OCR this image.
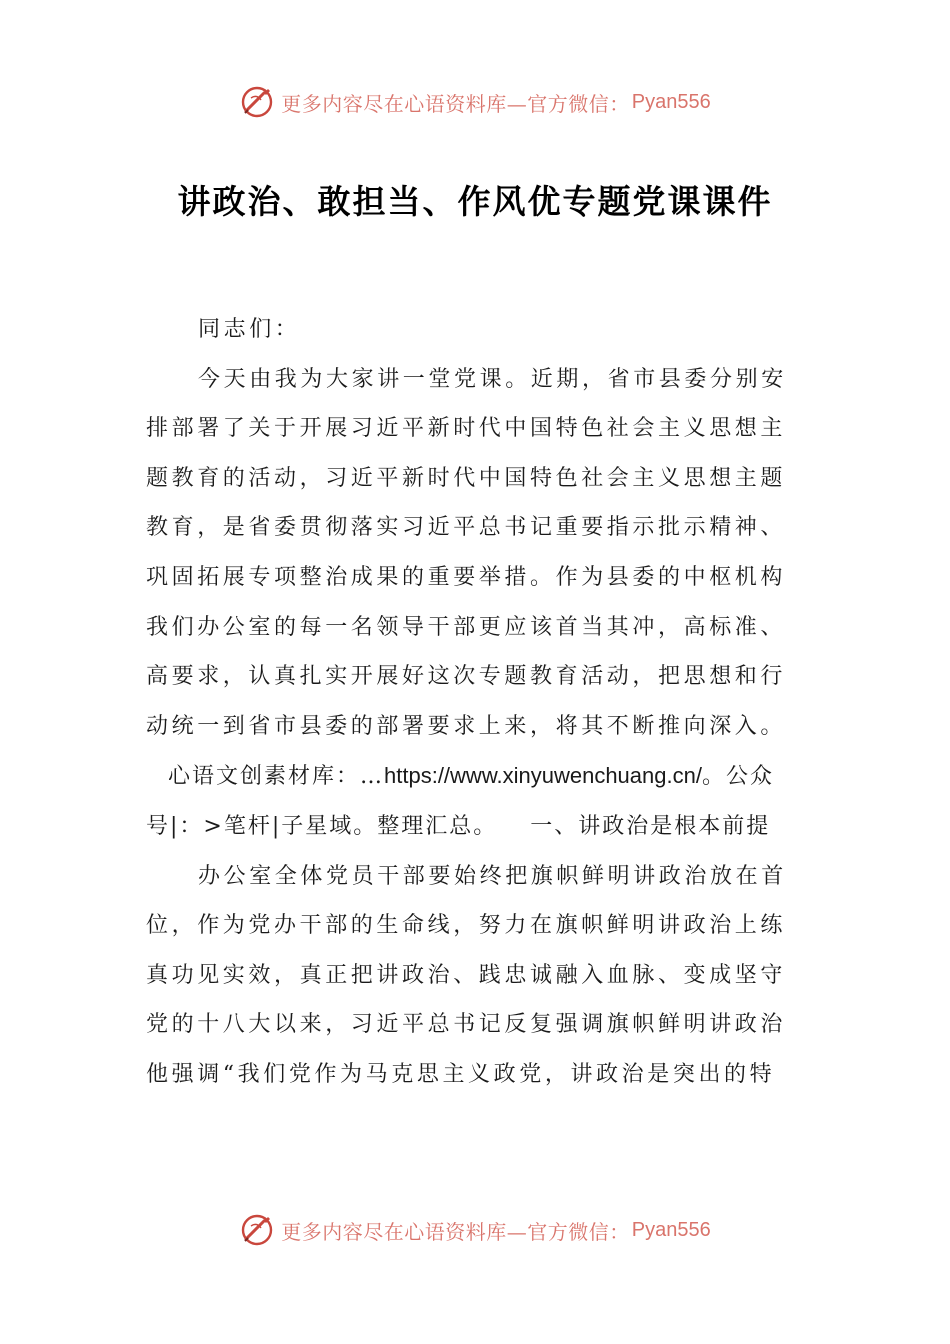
更多内容尽在心语资料库—官方微信： Pyan556
讲政治、敢担当、作风优专题党课课件

同志们：

今天由我为大家讲一堂党课。近期，省市县委分别安排部署了关于开展习近平新时代中国特色社会主义思想主题教育的活动，习近平新时代中国特色社会主义思想主题教育，是省委贯彻落实习近平总书记重要指示批示精神、巩固拓展专项整治成果的重要举措。作为县委的中枢机构我们办公室的每一名领导干部更应该首当其冲，高标准、高要求，认真扎实开展好这次专题教育活动，把思想和行动统一到省市县委的部署要求上来，将其不断推向深入。

心语文创素材库：…https://www.xinyuwenchuang.cn/。公众号|：>笔杆|子星域。整理汇总。　　 一、讲政治是根本前提

办公室全体党员干部要始终把旗帜鲜明讲政治放在首位，作为党办干部的生命线，努力在旗帜鲜明讲政治上练真功见实效，真正把讲政治、践忠诚融入血脉、变成坚守党的十八大以来，习近平总书记反复强调旗帜鲜明讲政治他强调“我们党作为马克思主义政党，讲政治是突出的特

更多内容尽在心语资料库—官方微信： Pyan556
